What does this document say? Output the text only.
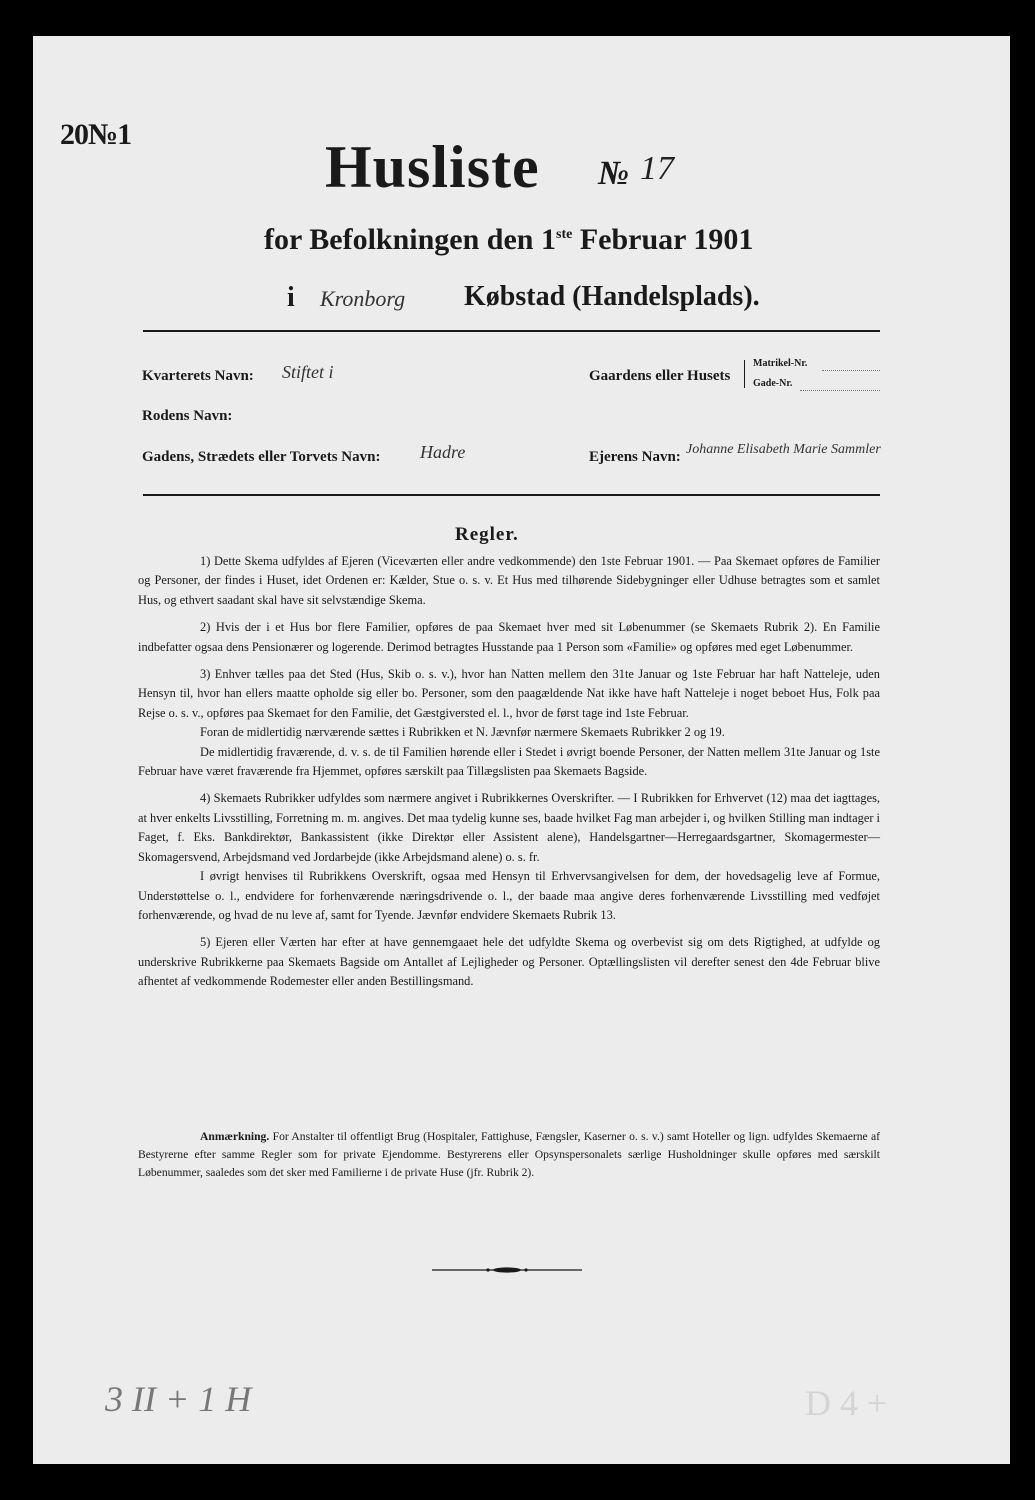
20№1	Husliste № 17
for Befolkningen den 1ste Februar 1901
i Kronborg Købstad (Handelsplads).
Kvarterets Navn: Stiftet i	Gaardens eller Husets
Matrikel-Nr.
Gade-Nr.
Rodens Navn:
Gadens, Strædets eller Torvets Navn: Hadre	Ejerens Navn: Johanne Elisabeth Marie Sammler
Regler.

1) Dette Skema udfyldes af Ejeren (Viceværten eller andre vedkommende) den 1ste Februar 1901. — Paa Skemaet opføres de Familier og Personer, der findes i Huset, idet Ordenen er: Kælder, Stue o. s. v. Et Hus med tilhørende Sidebygninger eller Udhuse betragtes som et samlet Hus, og ethvert saadant skal have sit selvstændige Skema.

2) Hvis der i et Hus bor flere Familier, opføres de paa Skemaet hver med sit Løbenummer (se Skemaets Rubrik 2). En Familie indbefatter ogsaa dens Pensionærer og logerende. Derimod betragtes Husstande paa 1 Person som «Familie» og opføres med eget Løbenummer.

3) Enhver tælles paa det Sted (Hus, Skib o. s. v.), hvor han Natten mellem den 31te Januar og 1ste Februar har haft Natteleje, uden Hensyn til, hvor han ellers maatte opholde sig eller bo. Personer, som den paagældende Nat ikke have haft Natteleje i noget beboet Hus, Folk paa Rejse o. s. v., opføres paa Skemaet for den Familie, det Gæstgiversted el. l., hvor de først tage ind 1ste Februar.

Foran de midlertidig nærværende sættes i Rubrikken et N. Jævnfør nærmere Skemaets Rubrikker 2 og 19.

De midlertidig fraværende, d. v. s. de til Familien hørende eller i Stedet i øvrigt boende Personer, der Natten mellem 31te Januar og 1ste Februar have været fraværende fra Hjemmet, opføres særskilt paa Tillægslisten paa Skemaets Bagside.

4) Skemaets Rubrikker udfyldes som nærmere angivet i Rubrikkernes Overskrifter. — I Rubrikken for Erhvervet (12) maa det iagttages, at hver enkelts Livsstilling, Forretning m. m. angives. Det maa tydelig kunne ses, baade hvilket Fag man arbejder i, og hvilken Stilling man indtager i Faget, f. Eks. Bankdirektør, Bankassistent (ikke Direktør eller Assistent alene), Handelsgartner—Herregaardsgartner, Skomagermester—Skomagersvend, Arbejdsmand ved Jordarbejde (ikke Arbejdsmand alene) o. s. fr.

I øvrigt henvises til Rubrikkens Overskrift, ogsaa med Hensyn til Erhvervsangivelsen for dem, der hovedsagelig leve af Formue, Understøttelse o. l., endvidere for forhenværende næringsdrivende o. l., der baade maa angive deres forhenværende Livsstilling med vedføjet forhenværende, og hvad de nu leve af, samt for Tyende. Jævnfør endvidere Skemaets Rubrik 13.

5) Ejeren eller Værten har efter at have gennemgaaet hele det udfyldte Skema og overbevist sig om dets Rigtighed, at udfylde og underskrive Rubrikkerne paa Skemaets Bagside om Antallet af Lejligheder og Personer. Optællingslisten vil derefter senest den 4de Februar blive afhentet af vedkommende Rodemester eller anden Bestillingsmand.

Anmærkning. For Anstalter til offentligt Brug (Hospitaler, Fattighuse, Fængsler, Kaserner o. s. v.) samt Hoteller og lign. udfyldes Skemaerne af Bestyrerne efter samme Regler som for private Ejendomme. Bestyrerens eller Opsynspersonalets særlige Husholdninger skulle opføres med særskilt Løbenummer, saaledes som det sker med Familierne i de private Huse (jfr. Rubrik 2).

3 II + 1 H	D 4 +
